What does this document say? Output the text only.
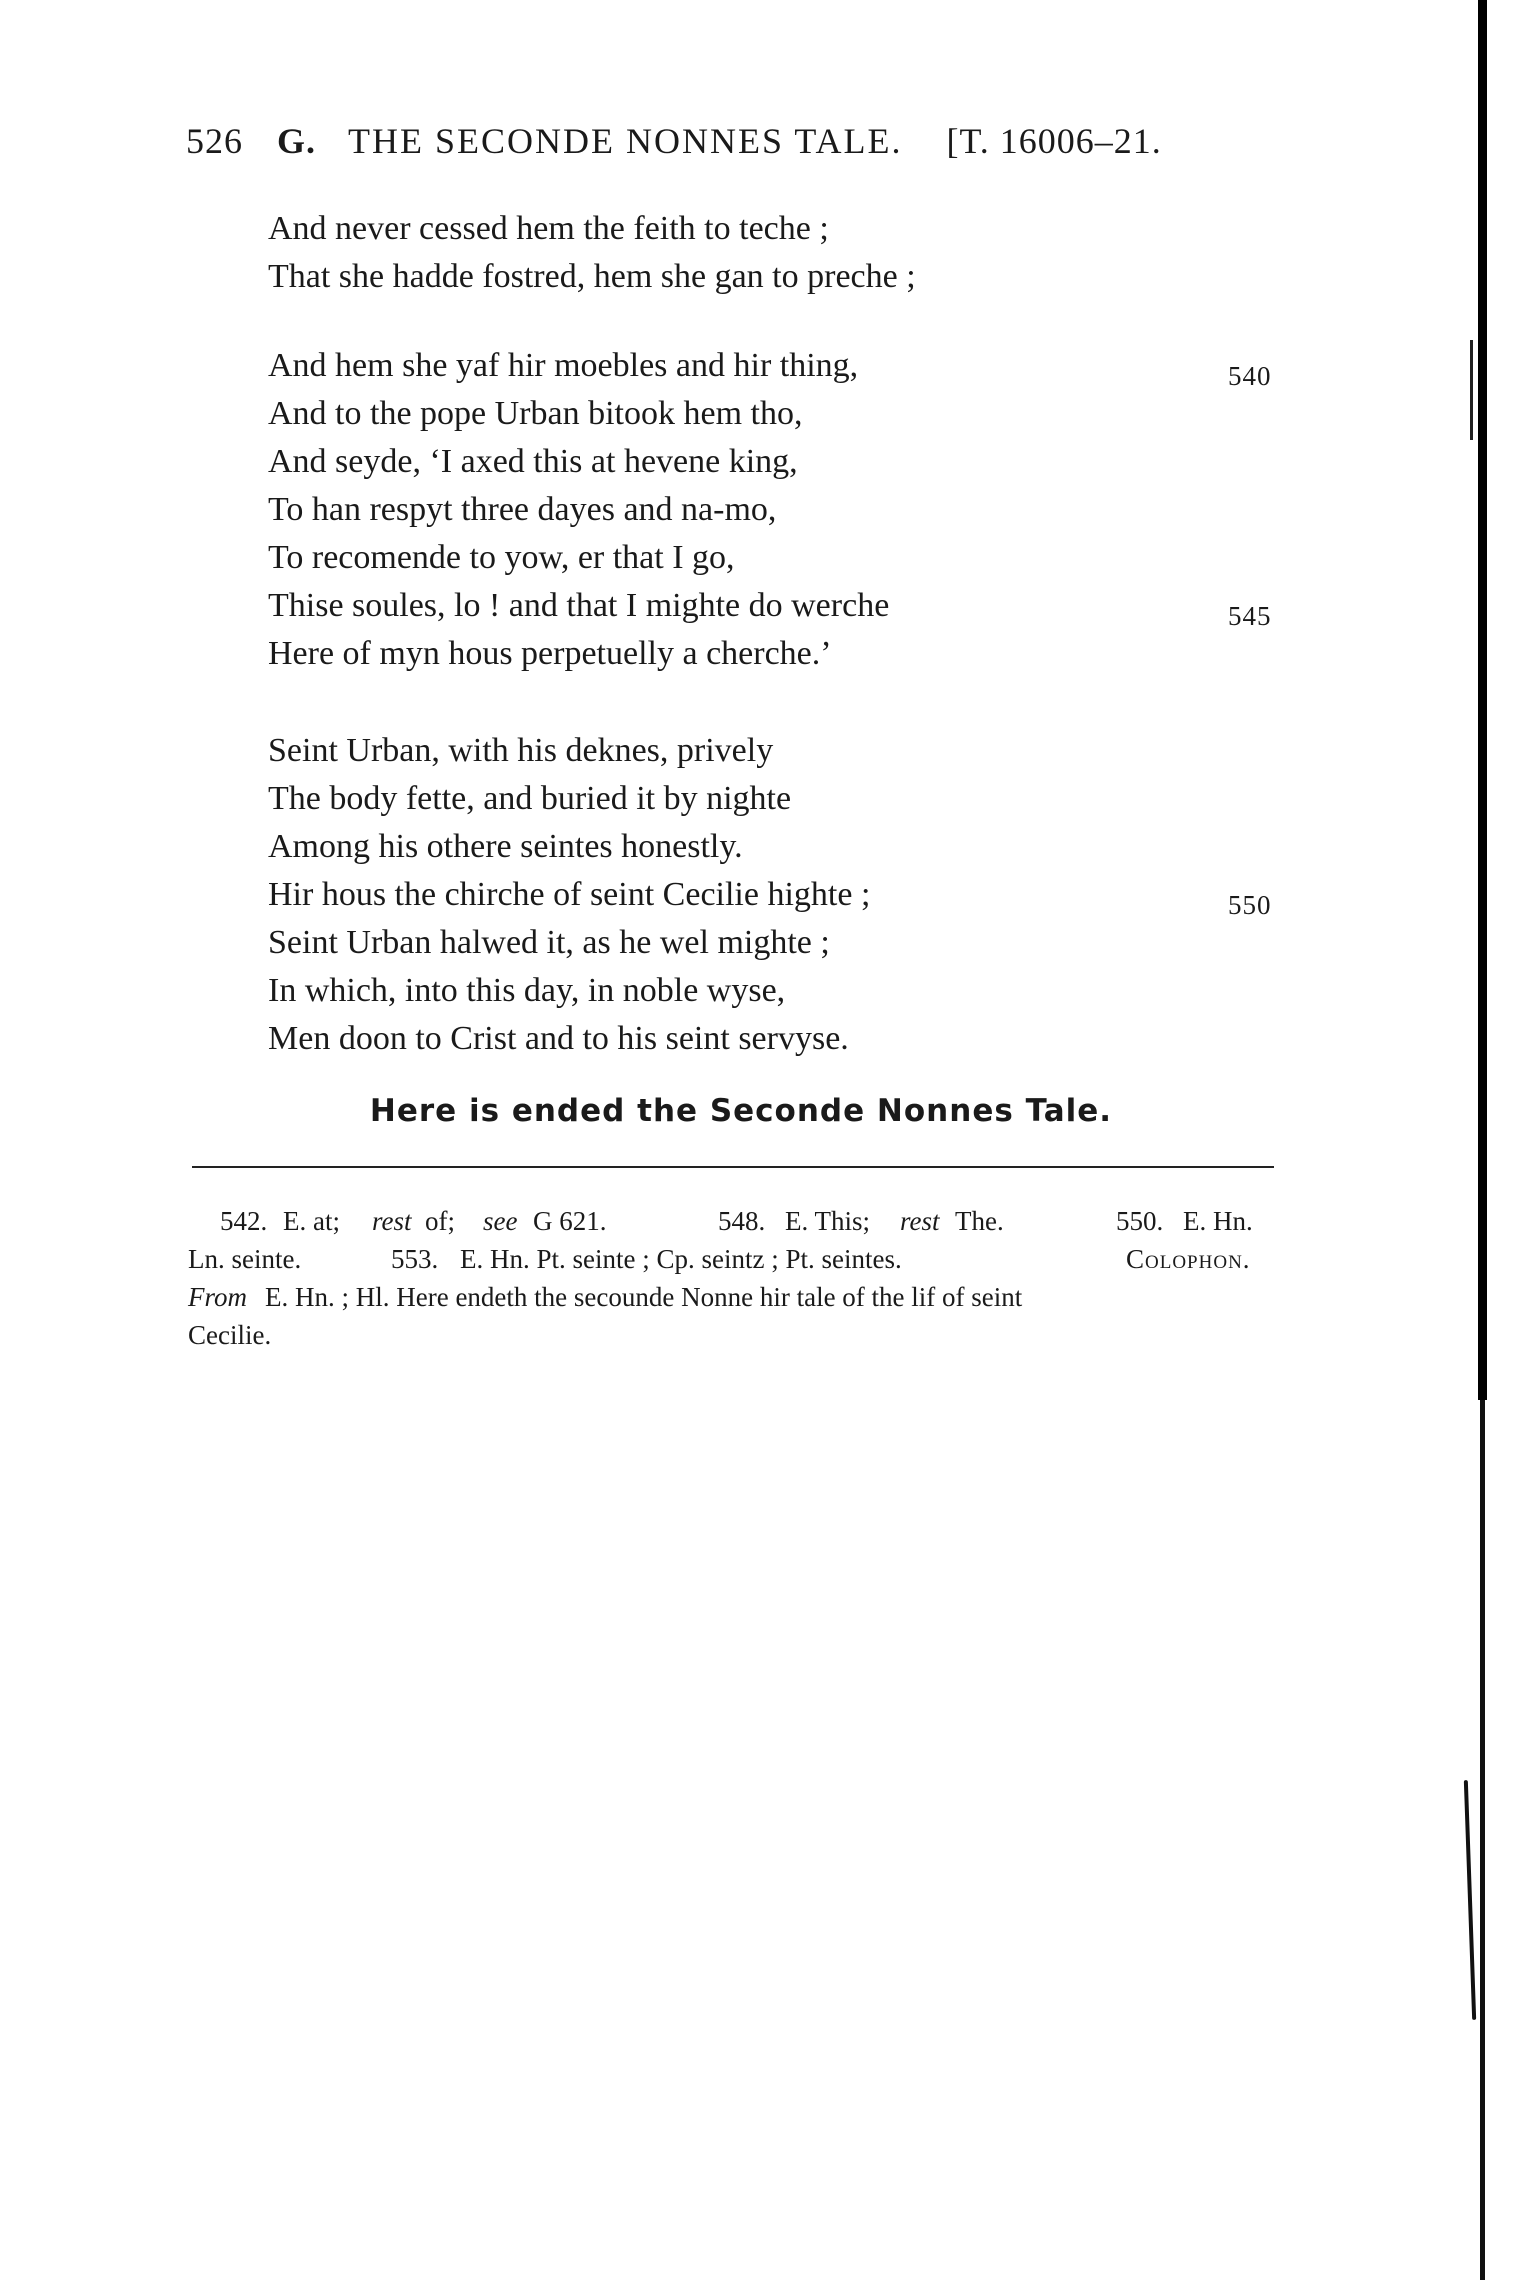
526 G. THE SECONDE NONNES TALE. [T. 16006–21.
And never cessed hem the feith to teche ;
That she hadde fostred, hem she gan to preche ;
And hem she yaf hir moebles and hir thing,	540
And to the pope Urban bitook hem tho,
And seyde, ‘I axed this at hevene king,
To han respyt three dayes and na-mo,
To recomende to yow, er that I go,
Thise soules, lo ! and that I mighte do werche	545
Here of myn hous perpetuelly a cherche.’
Seint Urban, with his deknes, prively
The body fette, and buried it by nighte
Among his othere seintes honestly.
Hir hous the chirche of seint Cecilie highte ;	550
Seint Urban halwed it, as he wel mighte ;
In which, into this day, in noble wyse,
Men doon to Crist and to his seint servyse.
Here is ended the Seconde Nonnes Tale.
542. E. at; rest of; see G 621.	548. E. This; rest The.	550. E. Hn.
Ln. seinte.	553. E. Hn. Pt. seinte ; Cp. seintz ; Pt. seintes.	Colophon.
From E. Hn. ; Hl. Here endeth the secounde Nonne hir tale of the lif of seint
Cecilie.
